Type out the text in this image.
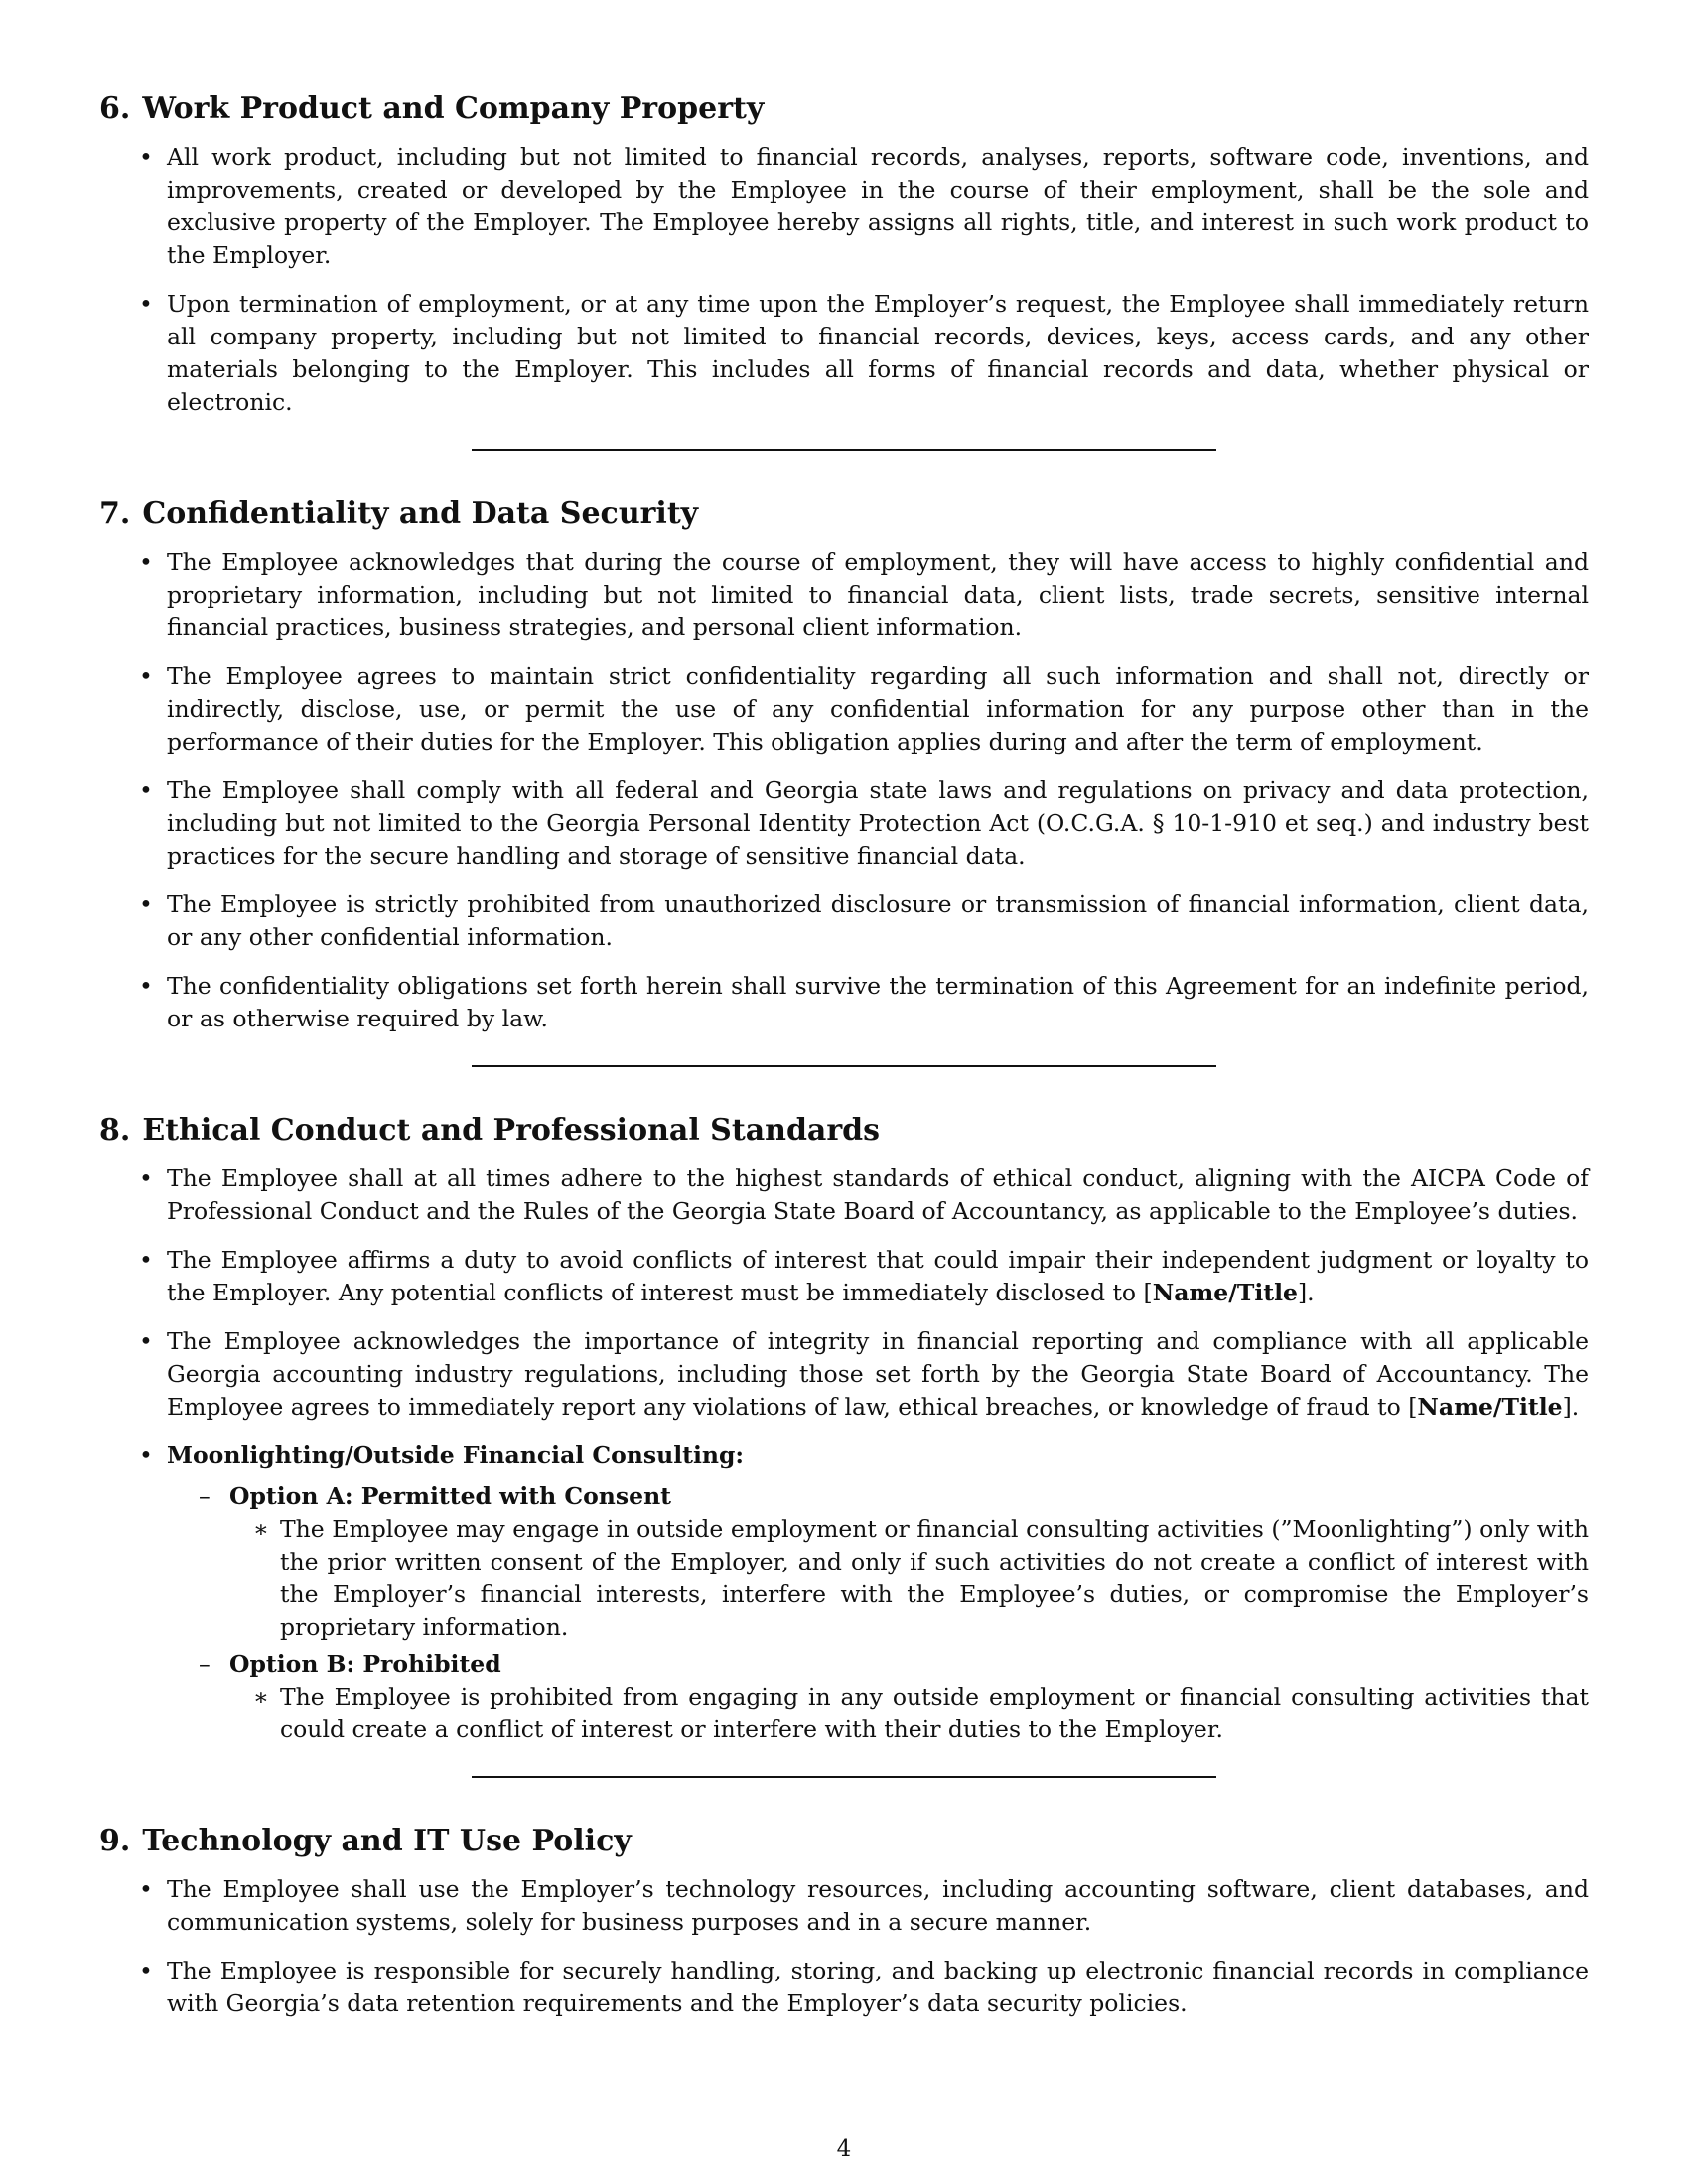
6. Work Product and Company Property
• All work product, including but not limited to financial records, analyses, reports, software code, inventions, and improvements, created or developed by the Employee in the course of their employment, shall be the sole and exclusive property of the Employer. The Employee hereby assigns all rights, title, and interest in such work product to the Employer.
• Upon termination of employment, or at any time upon the Employer’s request, the Employee shall immediately return all company property, including but not limited to financial records, devices, keys, access cards, and any other materials belonging to the Employer. This includes all forms of financial records and data, whether physical or electronic.
7. Confidentiality and Data Security
• The Employee acknowledges that during the course of employment, they will have access to highly confidential and proprietary information, including but not limited to financial data, client lists, trade secrets, sensitive internal financial practices, business strategies, and personal client information.
• The Employee agrees to maintain strict confidentiality regarding all such information and shall not, directly or indirectly, disclose, use, or permit the use of any confidential information for any purpose other than in the performance of their duties for the Employer. This obligation applies during and after the term of employment.
• The Employee shall comply with all federal and Georgia state laws and regulations on privacy and data protection, including but not limited to the Georgia Personal Identity Protection Act (O.C.G.A. § 10-1-910 et seq.) and industry best practices for the secure handling and storage of sensitive financial data.
• The Employee is strictly prohibited from unauthorized disclosure or transmission of financial information, client data, or any other confidential information.
• The confidentiality obligations set forth herein shall survive the termination of this Agreement for an indefinite period, or as otherwise required by law.
8. Ethical Conduct and Professional Standards
• The Employee shall at all times adhere to the highest standards of ethical conduct, aligning with the AICPA Code of Professional Conduct and the Rules of the Georgia State Board of Accountancy, as applicable to the Employee’s duties.
• The Employee affirms a duty to avoid conflicts of interest that could impair their independent judgment or loyalty to the Employer. Any potential conflicts of interest must be immediately disclosed to [Name/Title].
• The Employee acknowledges the importance of integrity in financial reporting and compliance with all applicable Georgia accounting industry regulations, including those set forth by the Georgia State Board of Accountancy. The Employee agrees to immediately report any violations of law, ethical breaches, or knowledge of fraud to [Name/Title].
• Moonlighting/Outside Financial Consulting:
– Option A: Permitted with Consent
∗ The Employee may engage in outside employment or financial consulting activities (”Moonlighting”) only with the prior written consent of the Employer, and only if such activities do not create a conflict of interest with the Employer’s financial interests, interfere with the Employee’s duties, or compromise the Employer’s proprietary information.
– Option B: Prohibited
∗ The Employee is prohibited from engaging in any outside employment or financial consulting activities that could create a conflict of interest or interfere with their duties to the Employer.
9. Technology and IT Use Policy
• The Employee shall use the Employer’s technology resources, including accounting software, client databases, and communication systems, solely for business purposes and in a secure manner.
• The Employee is responsible for securely handling, storing, and backing up electronic financial records in compliance with Georgia’s data retention requirements and the Employer’s data security policies.
4
